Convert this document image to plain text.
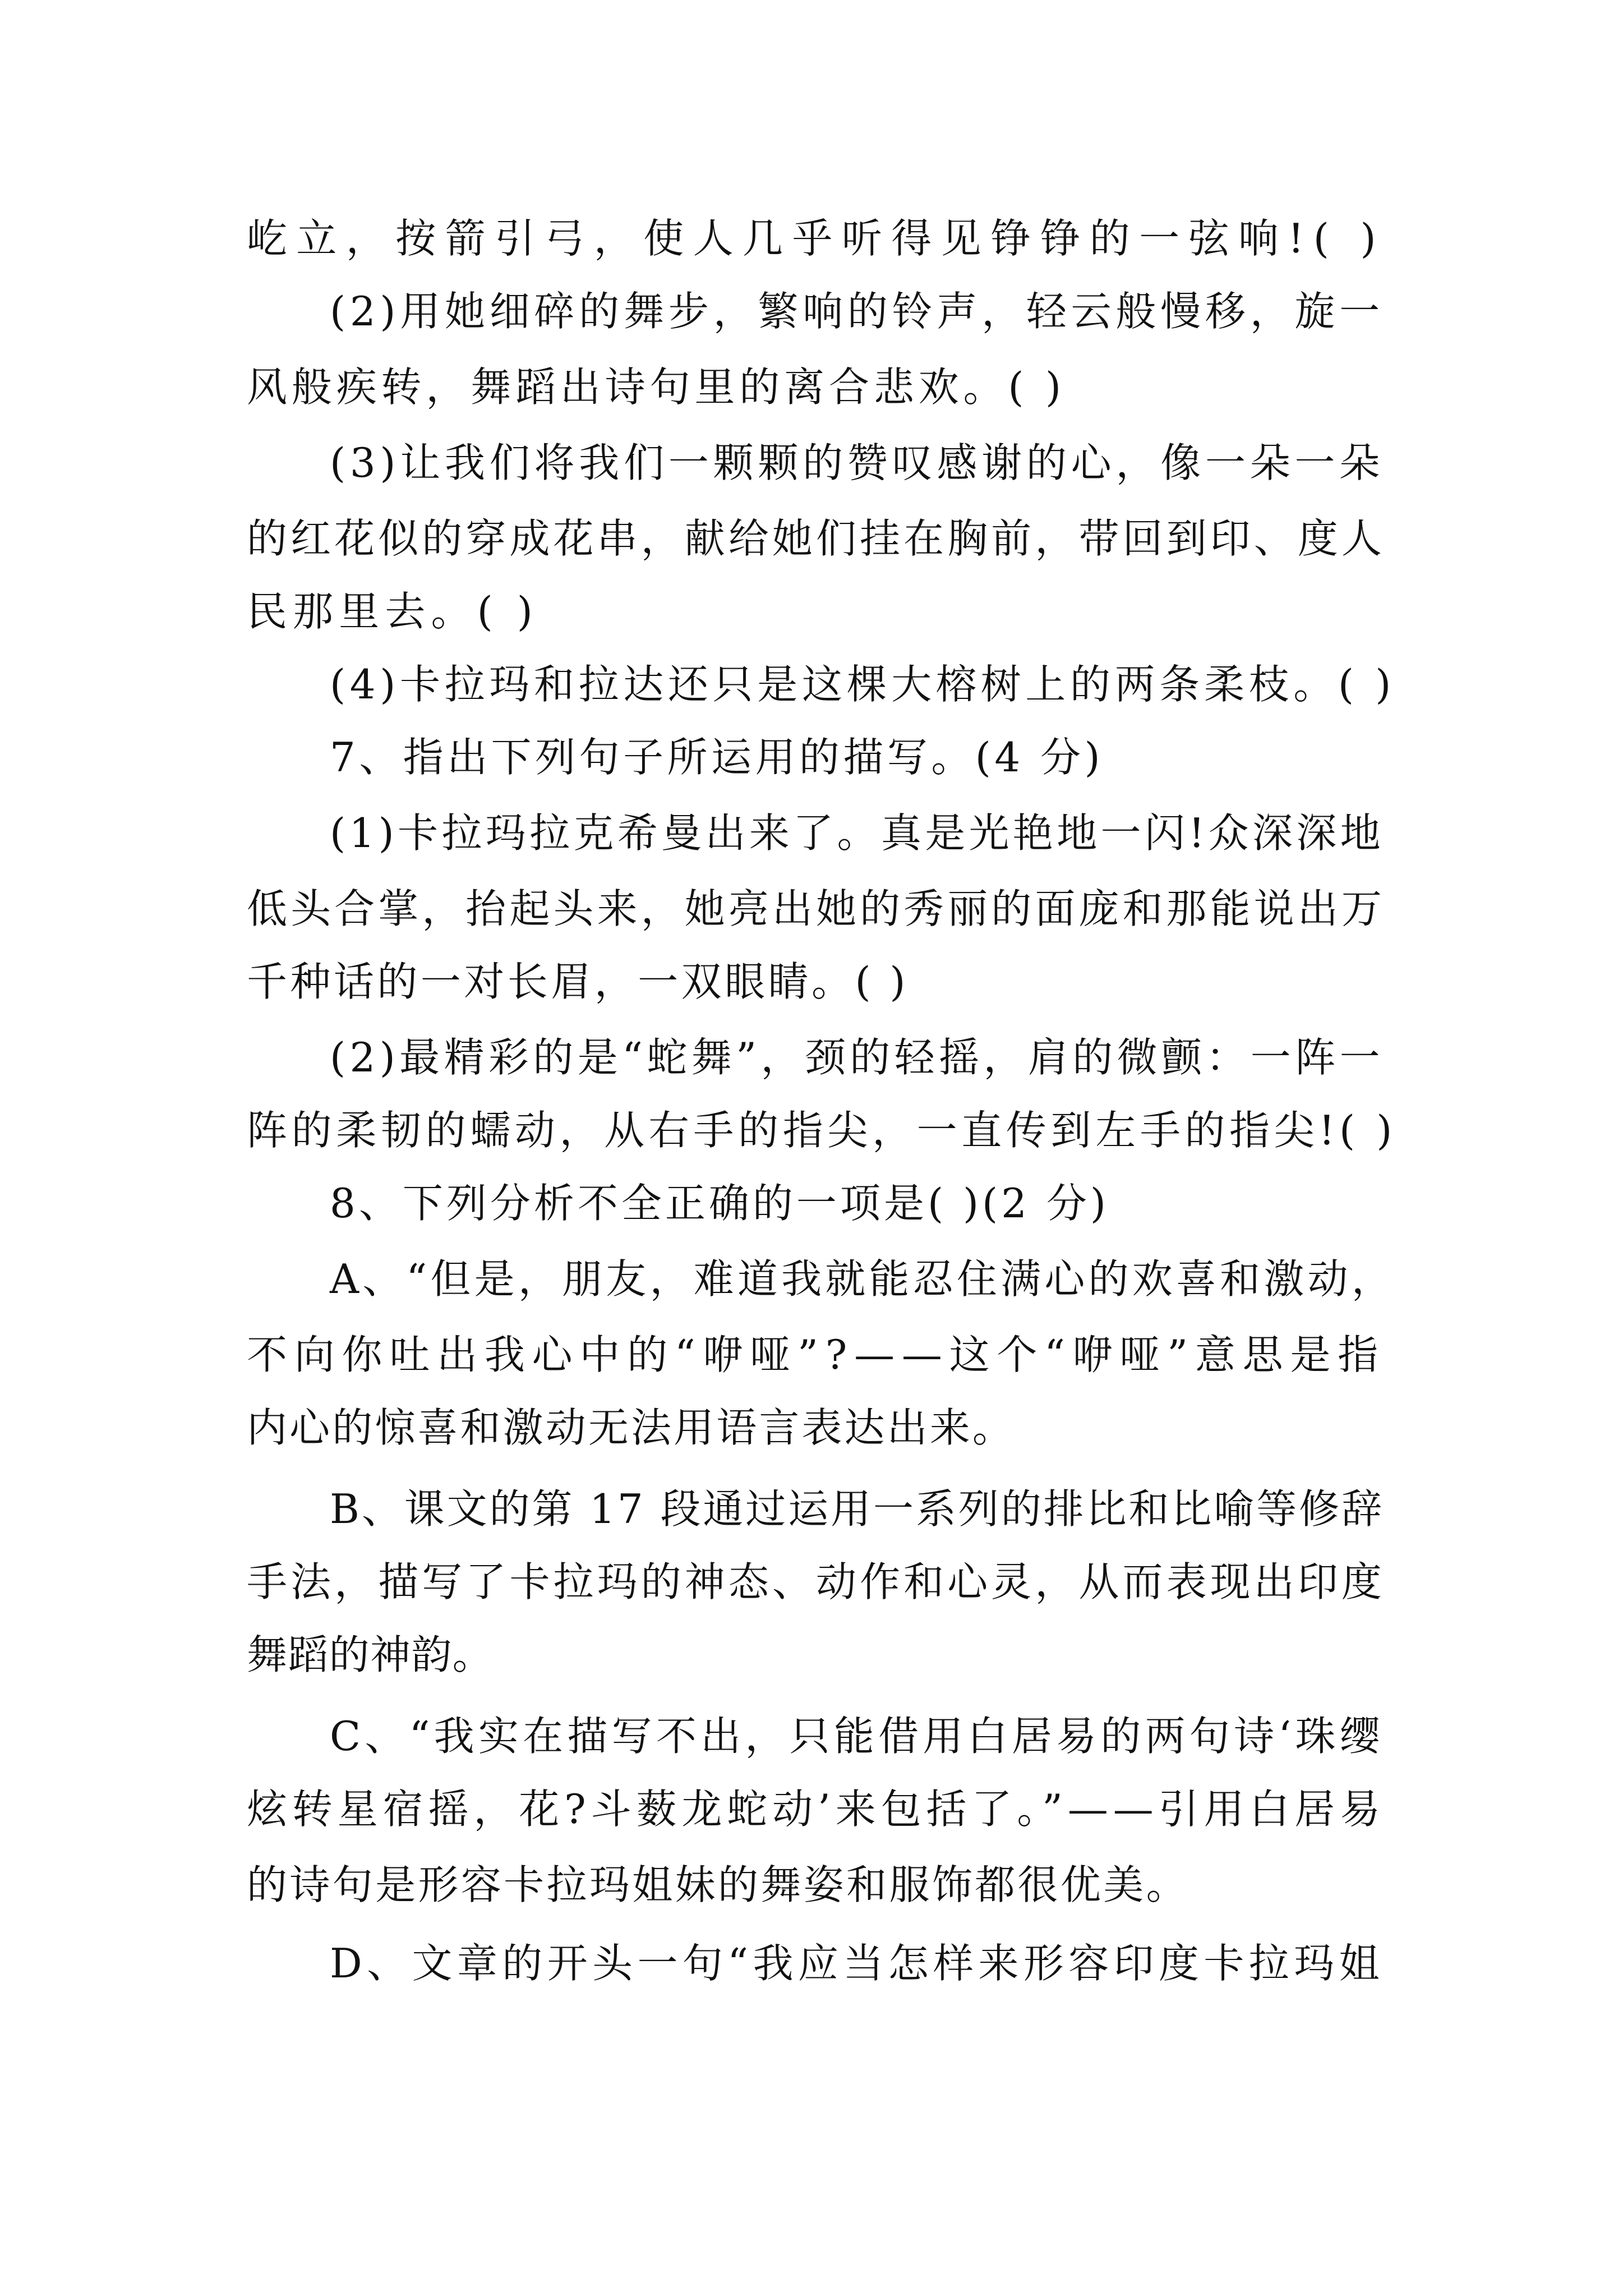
屹立，按箭引弓，使人几乎听得见铮铮的一弦响!( )

(2)用她细碎的舞步，繁响的铃声，轻云般慢移，旋一

风般疾转，舞蹈出诗句里的离合悲欢。( )

(3)让我们将我们一颗颗的赞叹感谢的心，像一朵一朵

的红花似的穿成花串，献给她们挂在胸前，带回到印、度人

民那里去。( )

(4)卡拉玛和拉达还只是这棵大榕树上的两条柔枝。( )

7、指出下列句子所运用的描写。(4 分)

(1)卡拉玛拉克希曼出来了。真是光艳地一闪!众深深地

低头合掌，抬起头来，她亮出她的秀丽的面庞和那能说出万

千种话的一对长眉，一双眼睛。( )

(2)最精彩的是“蛇舞”，颈的轻摇，肩的微颤：一阵一

阵的柔韧的蠕动，从右手的指尖，一直传到左手的指尖!( )

8、下列分析不全正确的一项是( )(2 分)

A、“但是，朋友，难道我就能忍住满心的欢喜和激动，

不向你吐出我心中的“咿哑”?——这个“咿哑”意思是指

内心的惊喜和激动无法用语言表达出来。

B、课文的第 17 段通过运用一系列的排比和比喻等修辞

手法，描写了卡拉玛的神态、动作和心灵，从而表现出印度

舞蹈的神韵。

C、“我实在描写不出，只能借用白居易的两句诗‘珠缨

炫转星宿摇，花?斗薮龙蛇动’来包括了。”——引用白居易

的诗句是形容卡拉玛姐妹的舞姿和服饰都很优美。

D、文章的开头一句“我应当怎样来形容印度卡拉玛姐
